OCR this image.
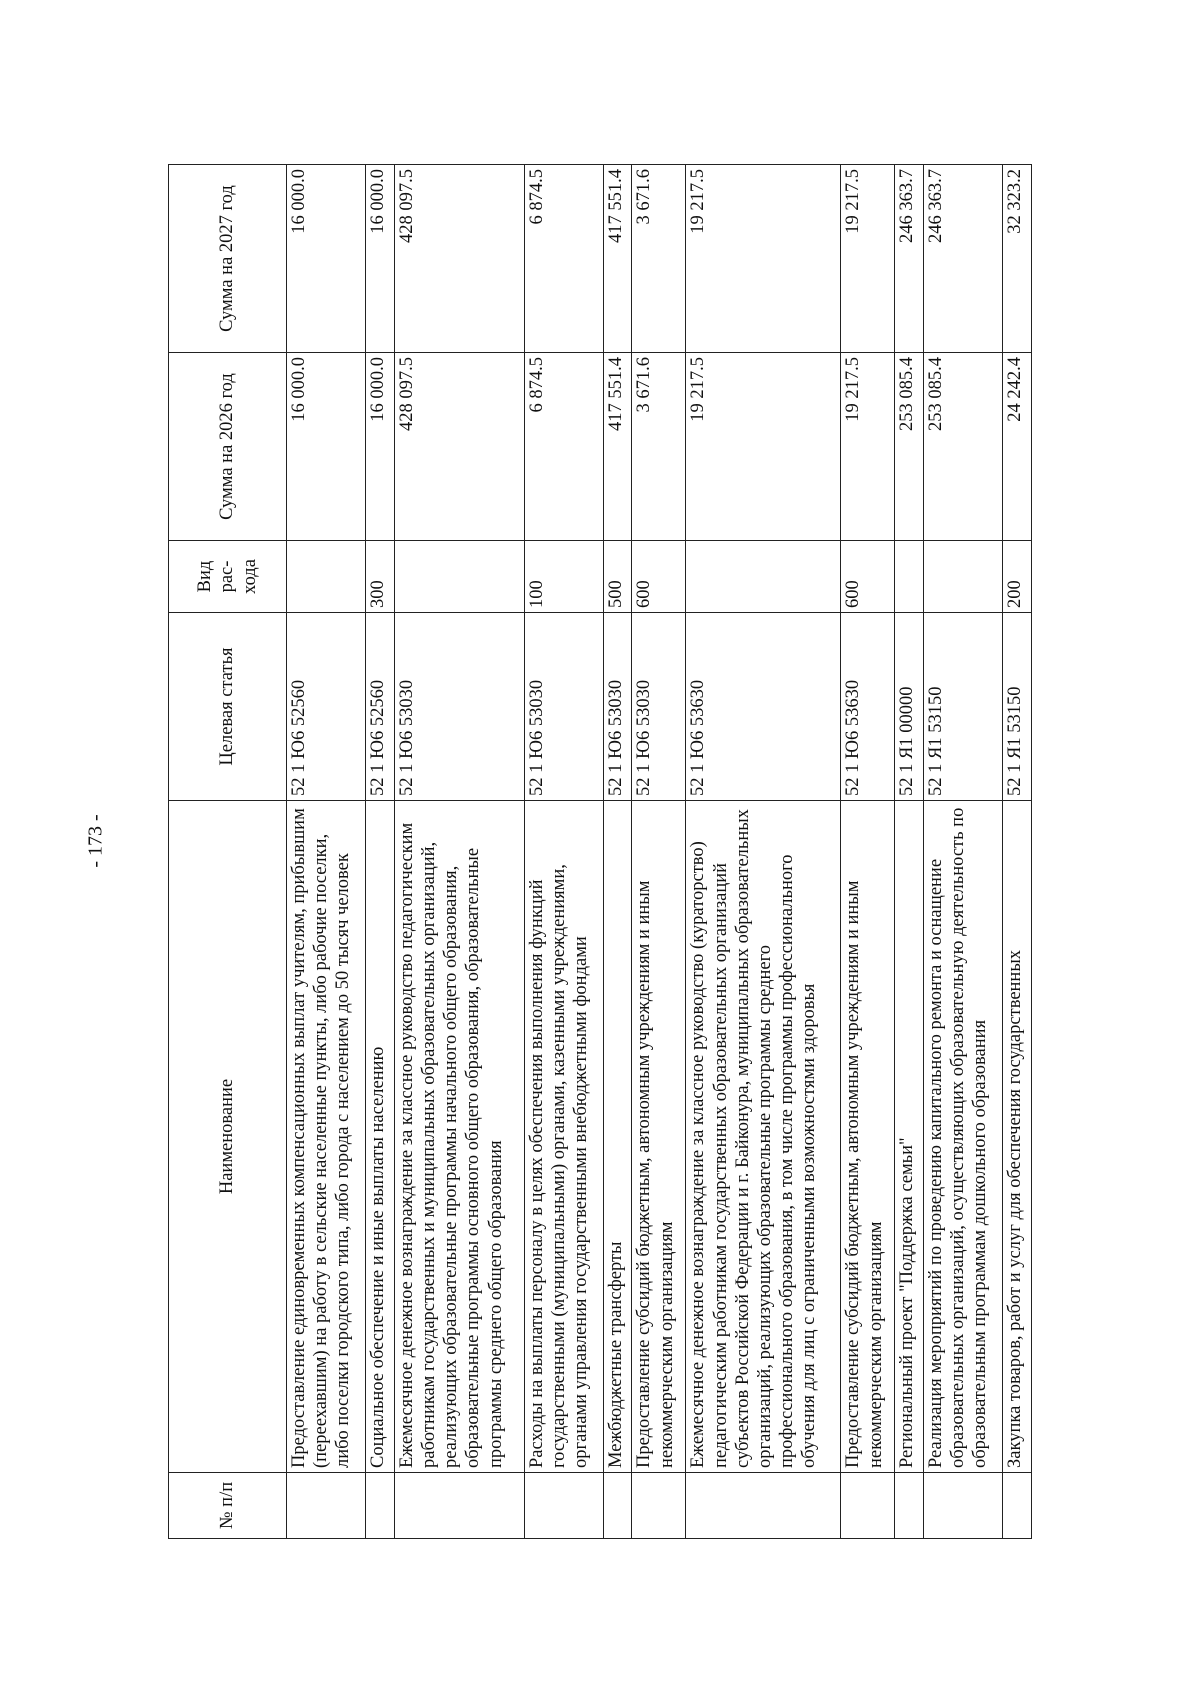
- 173 -
№ п/п	Наименование	Целевая статья	Вид рас-хода	Сумма на 2026 год	Сумма на 2027 год
	Предоставление единовременных компенсационных выплат учителям, прибывшим (переехавшим) на работу в сельские населенные пункты, либо рабочие поселки, либо поселки городского типа, либо города с населением до 50 тысяч человек	52 1 Ю6 52560		16 000.0	16 000.0
	Социальное обеспечение и иные выплаты населению	52 1 Ю6 52560	300	16 000.0	16 000.0
	Ежемесячное денежное вознаграждение за классное руководство педагогическим работникам государственных и муниципальных образовательных организаций, реализующих образовательные программы начального общего образования, образовательные программы основного общего образования, образовательные программы среднего общего образования	52 1 Ю6 53030		428 097.5	428 097.5
	Расходы на выплаты персоналу в целях обеспечения выполнения функций государственными (муниципальными) органами, казенными учреждениями, органами управления государственными внебюджетными фондами	52 1 Ю6 53030	100	6 874.5	6 874.5
	Межбюджетные трансферты	52 1 Ю6 53030	500	417 551.4	417 551.4
	Предоставление субсидий бюджетным, автономным учреждениям и иным некоммерческим организациям	52 1 Ю6 53030	600	3 671.6	3 671.6
	Ежемесячное денежное вознаграждение за классное руководство (кураторство) педагогическим работникам государственных образовательных организаций субъектов Российской Федерации и г. Байконура, муниципальных образовательных организаций, реализующих образовательные программы среднего профессионального образования, в том числе программы профессионального обучения для лиц с ограниченными возможностями здоровья	52 1 Ю6 53630		19 217.5	19 217.5
	Предоставление субсидий бюджетным, автономным учреждениям и иным некоммерческим организациям	52 1 Ю6 53630	600	19 217.5	19 217.5
	Региональный проект "Поддержка семьи"	52 1 Я1 00000		253 085.4	246 363.7
	Реализация мероприятий по проведению капитального ремонта и оснащение образовательных организаций, осуществляющих образовательную деятельность по образовательным программам дошкольного образования	52 1 Я1 53150		253 085.4	246 363.7
	Закупка товаров, работ и услуг для обеспечения государственных	52 1 Я1 53150	200	24 242.4	32 323.2
